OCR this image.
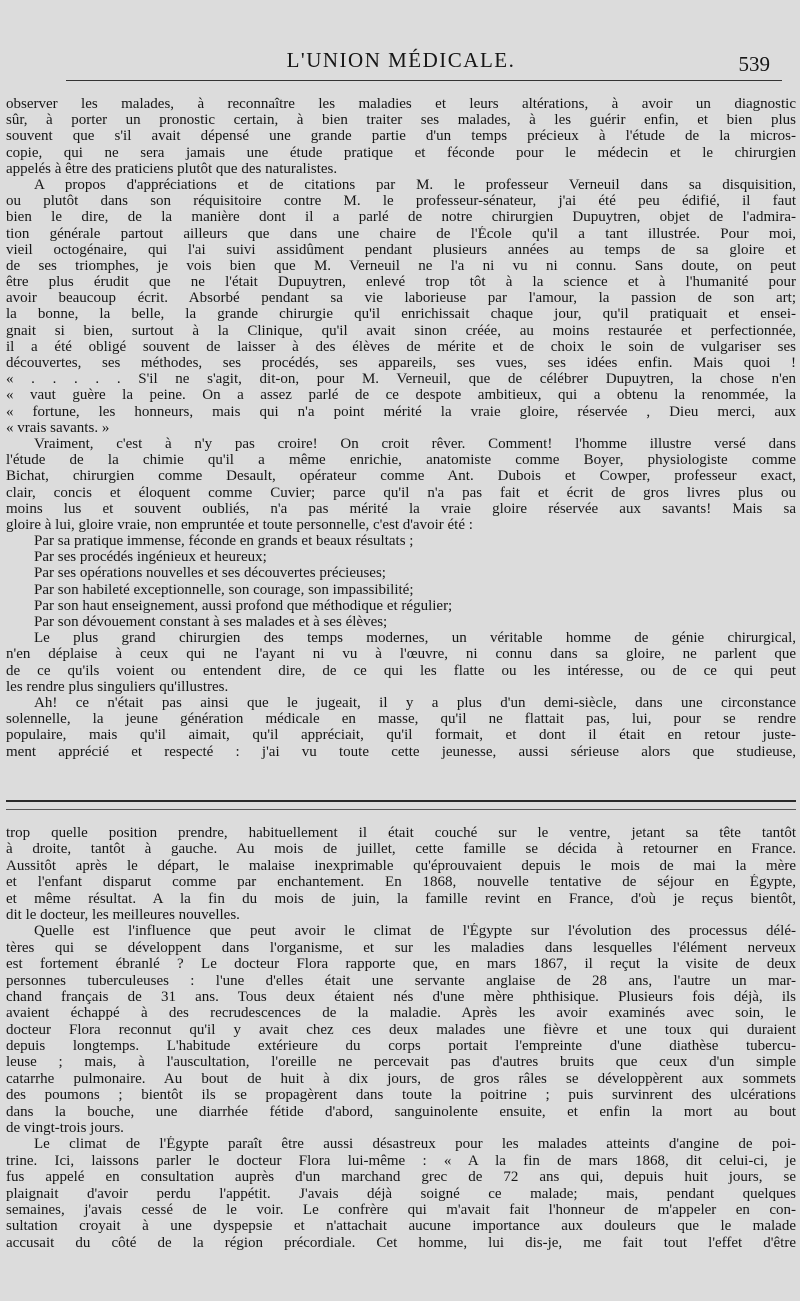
L'UNION MÉDICALE.	539
observer les malades, à reconnaître les maladies et leurs altérations, à avoir un diagnostic
sûr, à porter un pronostic certain, à bien traiter ses malades, à les guérir enfin, et bien plus
souvent que s'il avait dépensé une grande partie d'un temps précieux à l'étude de la micros-
copie, qui ne sera jamais une étude pratique et féconde pour le médecin et le chirurgien
appelés à être des praticiens plutôt que des naturalistes.
A propos d'appréciations et de citations par M. le professeur Verneuil dans sa disquisition,
ou plutôt dans son réquisitoire contre M. le professeur-sénateur, j'ai été peu édifié, il faut
bien le dire, de la manière dont il a parlé de notre chirurgien Dupuytren, objet de l'admira-
tion générale partout ailleurs que dans une chaire de l'École qu'il a tant illustrée. Pour moi,
vieil octogénaire, qui l'ai suivi assidûment pendant plusieurs années au temps de sa gloire et
de ses triomphes, je vois bien que M. Verneuil ne l'a ni vu ni connu. Sans doute, on peut
être plus érudit que ne l'était Dupuytren, enlevé trop tôt à la science et à l'humanité pour
avoir beaucoup écrit. Absorbé pendant sa vie laborieuse par l'amour, la passion de son art;
la bonne, la belle, la grande chirurgie qu'il enrichissait chaque jour, qu'il pratiquait et ensei-
gnait si bien, surtout à la Clinique, qu'il avait sinon créée, au moins restaurée et perfectionnée,
il a été obligé souvent de laisser à des élèves de mérite et de choix le soin de vulgariser ses
découvertes, ses méthodes, ses procédés, ses appareils, ses vues, ses idées enfin. Mais quoi !
« . . . . . S'il ne s'agit, dit-on, pour M. Verneuil, que de célébrer Dupuytren, la chose n'en
« vaut guère la peine. On a assez parlé de ce despote ambitieux, qui a obtenu la renommée, la
« fortune, les honneurs, mais qui n'a point mérité la vraie gloire, réservée , Dieu merci, aux
« vrais savants. »
Vraiment, c'est à n'y pas croire! On croit rêver. Comment! l'homme illustre versé dans
l'étude de la chimie qu'il a même enrichie, anatomiste comme Boyer, physiologiste comme
Bichat, chirurgien comme Desault, opérateur comme Ant. Dubois et Cowper, professeur exact,
clair, concis et éloquent comme Cuvier; parce qu'il n'a pas fait et écrit de gros livres plus ou
moins lus et souvent oubliés, n'a pas mérité la vraie gloire réservée aux savants! Mais sa
gloire à lui, gloire vraie, non empruntée et toute personnelle, c'est d'avoir été :
Par sa pratique immense, féconde en grands et beaux résultats ;
Par ses procédés ingénieux et heureux;
Par ses opérations nouvelles et ses découvertes précieuses;
Par son habileté exceptionnelle, son courage, son impassibilité;
Par son haut enseignement, aussi profond que méthodique et régulier;
Par son dévouement constant à ses malades et à ses élèves;
Le plus grand chirurgien des temps modernes, un véritable homme de génie chirurgical,
n'en déplaise à ceux qui ne l'ayant ni vu à l'œuvre, ni connu dans sa gloire, ne parlent que
de ce qu'ils voient ou entendent dire, de ce qui les flatte ou les intéresse, ou de ce qui peut
les rendre plus singuliers qu'illustres.
Ah! ce n'était pas ainsi que le jugeait, il y a plus d'un demi-siècle, dans une circonstance
solennelle, la jeune génération médicale en masse, qu'il ne flattait pas, lui, pour se rendre
populaire, mais qu'il aimait, qu'il appréciait, qu'il formait, et dont il était en retour juste-
ment apprécié et respecté : j'ai vu toute cette jeunesse, aussi sérieuse alors que studieuse,
trop quelle position prendre, habituellement il était couché sur le ventre, jetant sa tête tantôt
à droite, tantôt à gauche. Au mois de juillet, cette famille se décida à retourner en France.
Aussitôt après le départ, le malaise inexprimable qu'éprouvaient depuis le mois de mai la mère
et l'enfant disparut comme par enchantement. En 1868, nouvelle tentative de séjour en Égypte,
et même résultat. A la fin du mois de juin, la famille revint en France, d'où je reçus bientôt,
dit le docteur, les meilleures nouvelles.
Quelle est l'influence que peut avoir le climat de l'Égypte sur l'évolution des processus délé-
tères qui se développent dans l'organisme, et sur les maladies dans lesquelles l'élément nerveux
est fortement ébranlé ? Le docteur Flora rapporte que, en mars 1867, il reçut la visite de deux
personnes tuberculeuses : l'une d'elles était une servante anglaise de 28 ans, l'autre un mar-
chand français de 31 ans. Tous deux étaient nés d'une mère phthisique. Plusieurs fois déjà, ils
avaient échappé à des recrudescences de la maladie. Après les avoir examinés avec soin, le
docteur Flora reconnut qu'il y avait chez ces deux malades une fièvre et une toux qui duraient
depuis longtemps. L'habitude extérieure du corps portait l'empreinte d'une diathèse tubercu-
leuse ; mais, à l'auscultation, l'oreille ne percevait pas d'autres bruits que ceux d'un simple
catarrhe pulmonaire. Au bout de huit à dix jours, de gros râles se développèrent aux sommets
des poumons ; bientôt ils se propagèrent dans toute la poitrine ; puis survinrent des ulcérations
dans la bouche, une diarrhée fétide d'abord, sanguinolente ensuite, et enfin la mort au bout
de vingt-trois jours.
Le climat de l'Égypte paraît être aussi désastreux pour les malades atteints d'angine de poi-
trine. Ici, laissons parler le docteur Flora lui-même : « A la fin de mars 1868, dit celui-ci, je
fus appelé en consultation auprès d'un marchand grec de 72 ans qui, depuis huit jours, se
plaignait d'avoir perdu l'appétit. J'avais déjà soigné ce malade; mais, pendant quelques
semaines, j'avais cessé de le voir. Le confrère qui m'avait fait l'honneur de m'appeler en con-
sultation croyait à une dyspepsie et n'attachait aucune importance aux douleurs que le malade
accusait du côté de la région précordiale. Cet homme, lui dis-je, me fait tout l'effet d'être
